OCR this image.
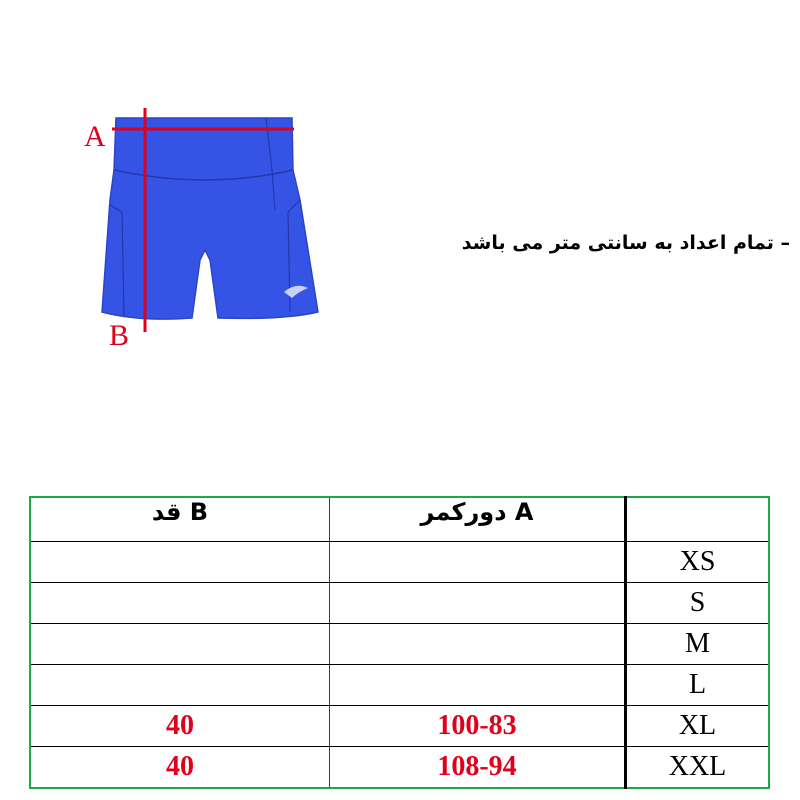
A
B
– تمام اعداد به سانتی متر می باشد
قد B	دورکمر A	
		XS
		S
		M
		L
40	100-83	XL
40	108-94	XXL
